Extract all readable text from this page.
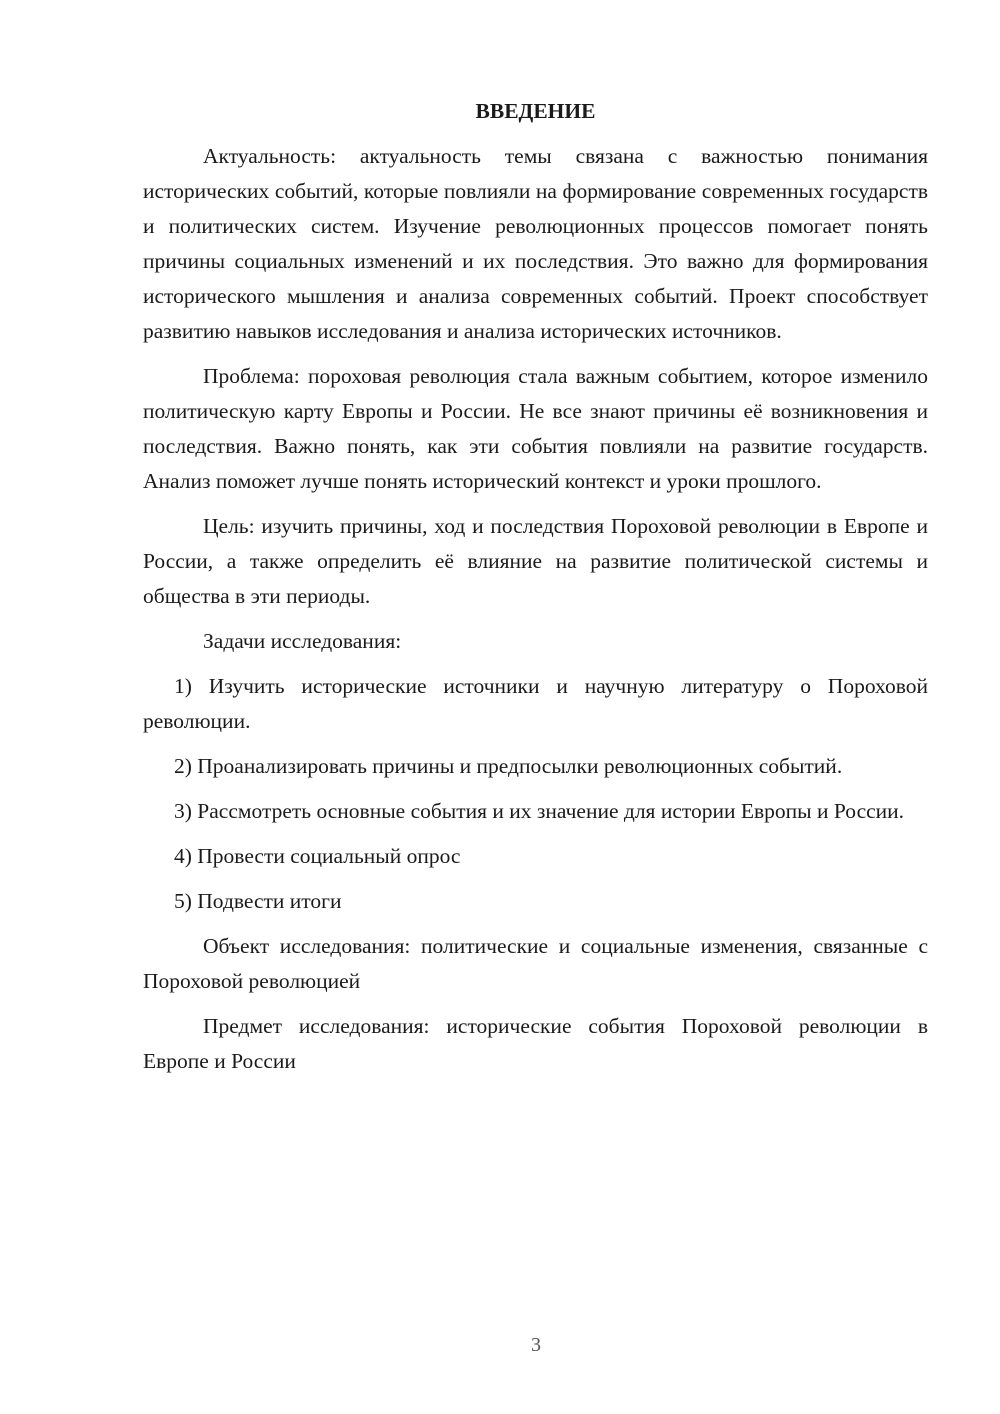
ВВЕДЕНИЕ

Актуальность: актуальность темы связана с важностью понимания исторических событий, которые повлияли на формирование современных государств и политических систем. Изучение революционных процессов помогает понять причины социальных изменений и их последствия. Это важно для формирования исторического мышления и анализа современных событий. Проект способствует развитию навыков исследования и анализа исторических источников.

Проблема: пороховая революция стала важным событием, которое изменило политическую карту Европы и России. Не все знают причины её возникновения и последствия. Важно понять, как эти события повлияли на развитие государств. Анализ поможет лучше понять исторический контекст и уроки прошлого.

Цель: изучить причины, ход и последствия Пороховой революции в Европе и России, а также определить её влияние на развитие политической системы и общества в эти периоды.

Задачи исследования:

1) Изучить исторические источники и научную литературу о Пороховой революции.

2) Проанализировать причины и предпосылки революционных событий.

3) Рассмотреть основные события и их значение для истории Европы и России.

4) Провести социальный опрос

5) Подвести итоги

Объект исследования: политические и социальные изменения, связанные с Пороховой революцией

Предмет исследования: исторические события Пороховой революции в Европе и России

3
